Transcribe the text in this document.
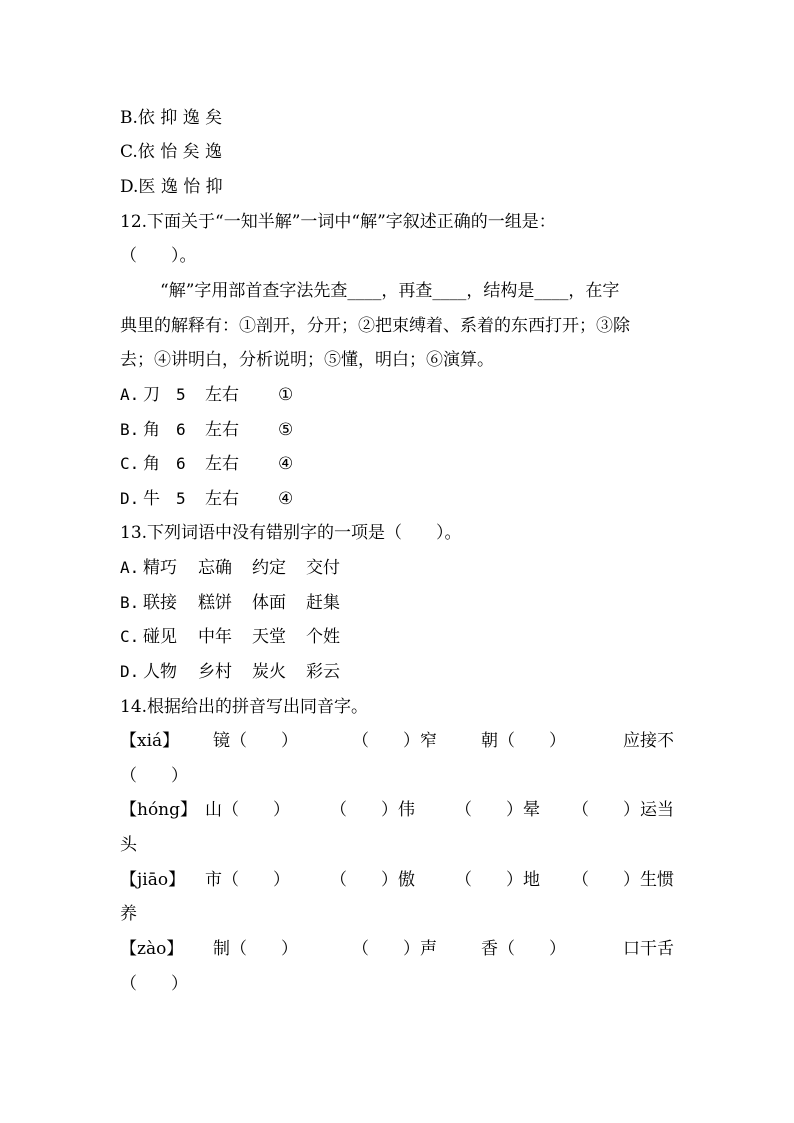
B.依 抑 逸 矣
C.依 怡 矣 逸
D.医 逸 怡 抑
12.下面关于“一知半解”一词中“解”字叙述正确的一组是：
（　　）。
“解”字用部首查字法先查____，再查____，结构是____，在字
典里的解释有：①剖开，分开；②把束缚着、系着的东西打开；③除
去；④讲明白，分析说明；⑤懂，明白；⑥演算。
A. 刀 5 左右 ①
B. 角 6 左右 ⑤
C. 角 6 左右 ④
D. 牛 5 左右 ④
13.下列词语中没有错别字的一项是（　　）。
A. 精巧 忘确 约定 交付
B. 联接 糕饼 体面 赶集
C. 碰见 中年 天堂 个姓
D. 人物 乡村 炭火 彩云
14.根据给出的拼音写出同音字。
【xiá】 镜（　　）	（　　）窄	朝（　　）	应接不
（　　）
【hóng】 山（　　） （　　）伟 （　　）晕 （　　）运当
头
【jiāo】 市（　　） （　　）傲 （　　）地 （　　）生惯
养
【zào】 制（　　）	（　　）声	香（　　）	口干舌
（　　）
